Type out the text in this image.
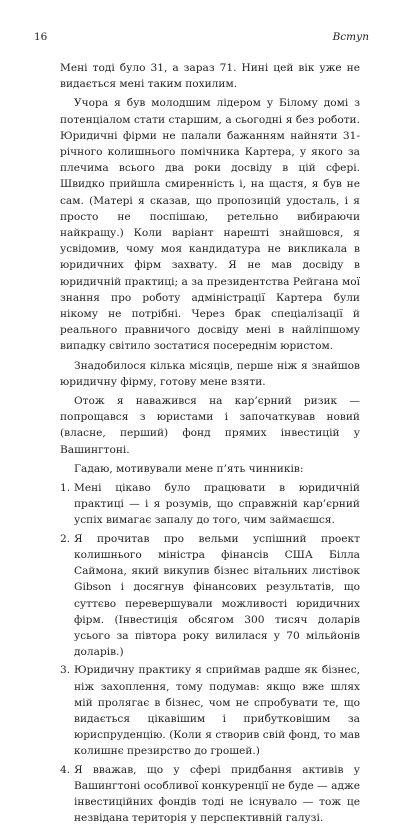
16	Вступ

Мені тоді було 31, а зараз 71. Нині цей вік уже не видається мені таким похилим.

Учора я був молодшим лідером у Білому домі з потенціалом стати старшим, а сьогодні я без роботи. Юридичні фірми не палали бажанням найняти 31-річного колишнього помічника Картера, у якого за плечима всього два роки досвіду в цій сфері. Швидко прийшла смиренність і, на щастя, я був не сам. (Матері я сказав, що пропозицій удосталь, і я просто не поспішаю, ретельно вибираючи найкращу.) Коли варіант нарешті знайшовся, я усвідомив, чому моя кандидатура не викликала в юридичних фірм захвату. Я не мав досвіду в юридичній практиці; а за президентства Рейгана мої знання про роботу адміністрації Картера були нікому не потрібні. Через брак спеціалізації й реального правничого досвіду мені в найліпшому випадку світило зостатися посереднім юристом.

Знадобилося кілька місяців, перше ніж я знайшов юридичну фірму, готову мене взяти.

Отож я наважився на кар’єрний ризик — попрощався з юристами і започаткував новий (власне, перший) фонд прямих інвестицій у Вашингтоні.

Гадаю, мотивували мене п’ять чинників:

1. Мені цікаво було працювати в юридичній практиці — і я розумів, що справжній кар’єрний успіх вимагає запалу до того, чим займаєшся.
2. Я прочитав про вельми успішний проект колишнього міністра фінансів США Білла Саймона, який викупив бізнес вітальних листівок Gibson і досягнув фінансових результатів, що суттєво перевершували можливості юридичних фірм. (Інвестиція обсягом 300 тисяч доларів усього за півтора року вилилася у 70 мільйонів доларів.)
3. Юридичну практику я сприймав радше як бізнес, ніж захоплення, тому подумав: якщо вже шлях мій пролягає в бізнес, чом не спробувати те, що видається цікавішим і прибутковішим за юриспруденцію. (Коли я створив свій фонд, то мав колишнє презирство до грошей.)
4. Я вважав, що у сфері придбання активів у Вашингтоні особливої конкуренції не буде — адже інвестиційних фондів тоді не існувало — тож це незвідана територія у перспективній галузі.
